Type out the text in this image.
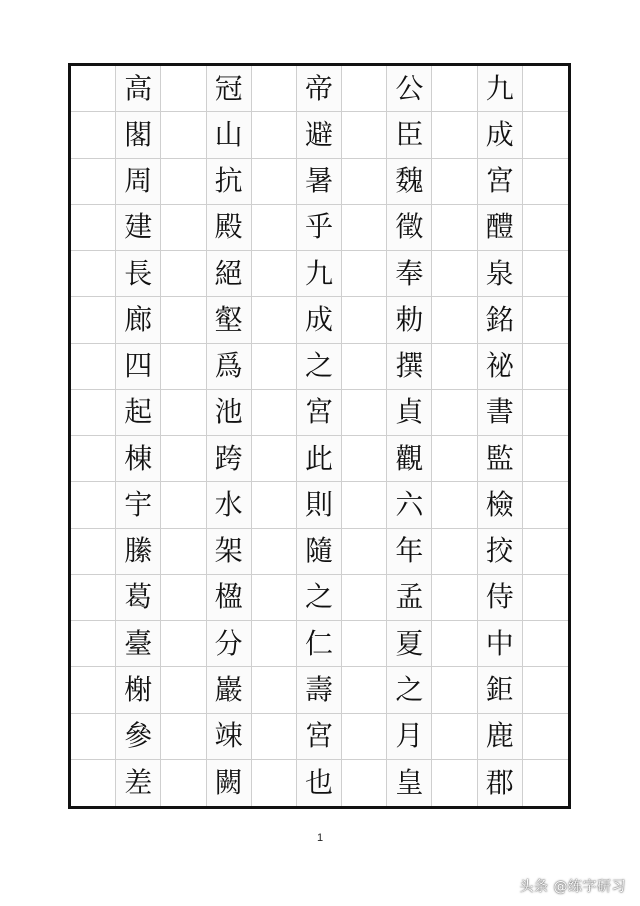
高	冠	帝	公	九
閣	山	避	臣	成
周	抗	暑	魏	宮
建	殿	乎	徵	醴
長	絕	九	奉	泉
廊	壑	成	勅	銘
四	爲	之	撰	祕
起	池	宮	貞	書
棟	跨	此	觀	監
宇	水	則	六	檢
縢	架	隨	年	挍
葛	楹	之	孟	侍
臺	分	仁	夏	中
榭	巖	壽	之	鉅
參	竦	宮	月	鹿
差	闕	也	皇	郡
1
头条 @练字研习
